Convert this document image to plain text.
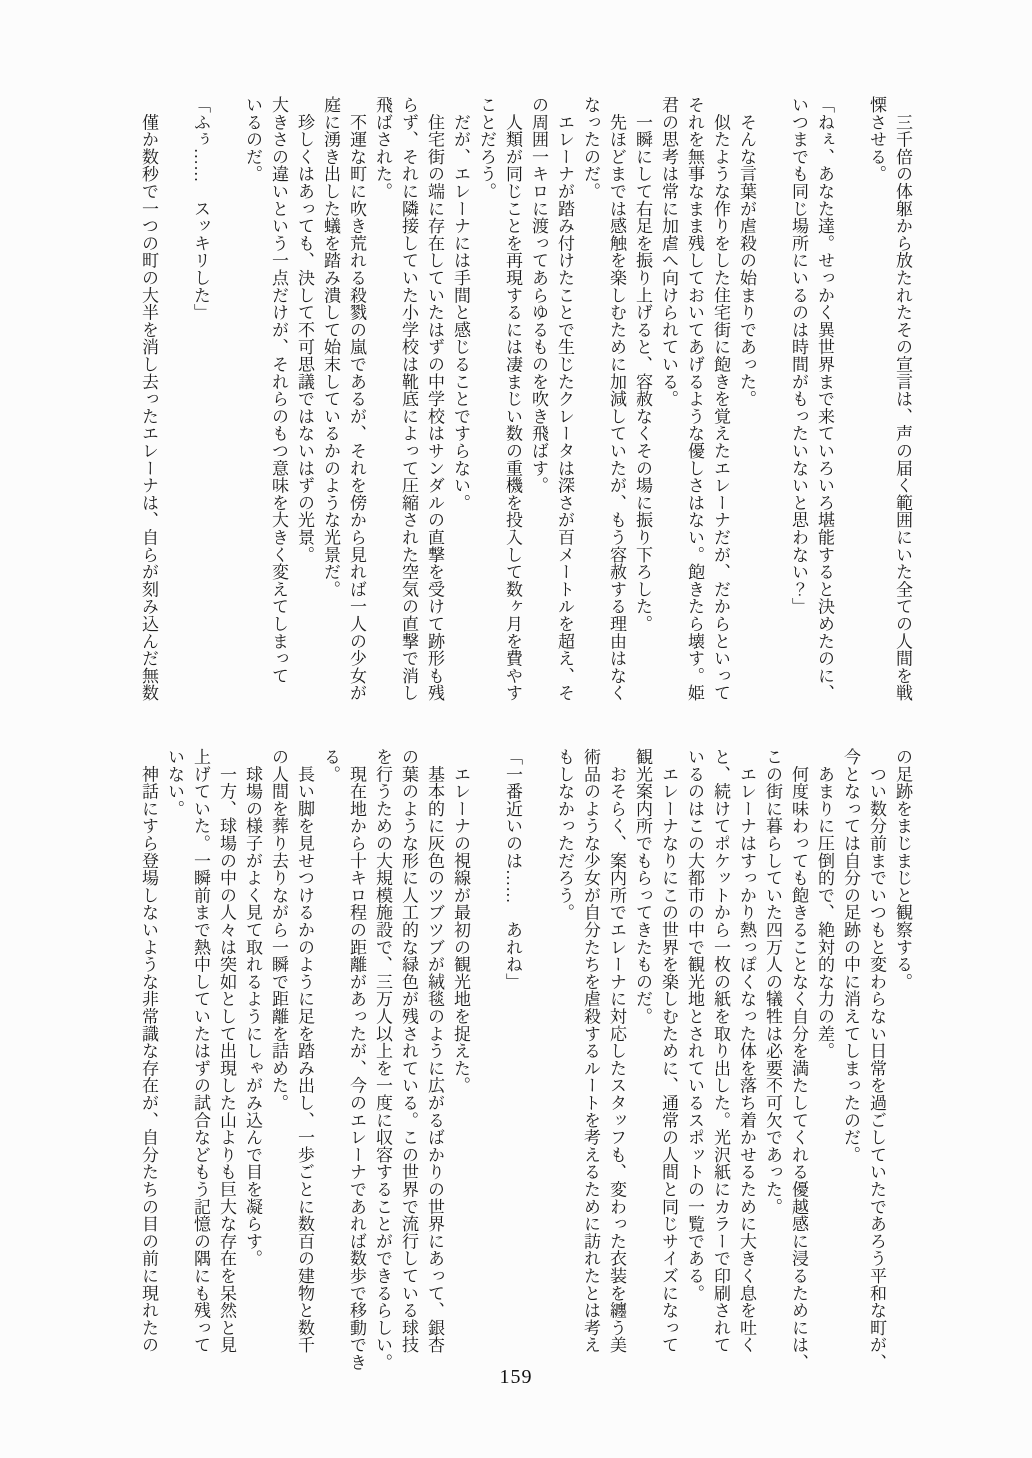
　三千倍の体躯から放たれたその宣言は、声の届く範囲にいた全ての人間を戦

慄させる。

「ねぇ、あなた達。せっかく異世界まで来ていろいろ堪能すると決めたのに、

いつまでも同じ場所にいるのは時間がもったいないと思わない？」

　そんな言葉が虐殺の始まりであった。

　似たような作りをした住宅街に飽きを覚えたエレーナだが、だからといって

それを無事なまま残しておいてあげるような優しさはない。飽きたら壊す。姫

君の思考は常に加虐へ向けられている。

　一瞬にして右足を振り上げると、容赦なくその場に振り下ろした。

　先ほどまでは感触を楽しむために加減していたが、もう容赦する理由はなく

なったのだ。

　エレーナが踏み付けたことで生じたクレータは深さが百メートルを超え、そ

の周囲一キロに渡ってあらゆるものを吹き飛ばす。

　人類が同じことを再現するには凄まじい数の重機を投入して数ヶ月を費やす

ことだろう。

　だが、エレーナには手間と感じることですらない。

　住宅街の端に存在していたはずの中学校はサンダルの直撃を受けて跡形も残

らず、それに隣接していた小学校は靴底によって圧縮された空気の直撃で消し

飛ばされた。

　不運な町に吹き荒れる殺戮の嵐であるが、それを傍から見れば一人の少女が

庭に湧き出した蟻を踏み潰して始末しているかのような光景だ。

　珍しくはあっても、決して不可思議ではないはずの光景。

大きさの違いという一点だけが、それらのもつ意味を大きく変えてしまって

いるのだ。

「ふぅ……　スッキリした」

　僅か数秒で一つの町の大半を消し去ったエレーナは、自らが刻み込んだ無数

の足跡をまじまじと観察する。

　つい数分前までいつもと変わらない日常を過ごしていたであろう平和な町が、

今となっては自分の足跡の中に消えてしまったのだ。

　あまりに圧倒的で、絶対的な力の差。

　何度味わっても飽きることなく自分を満たしてくれる優越感に浸るためには、

この街に暮らしていた四万人の犠牲は必要不可欠であった。

　エレーナはすっかり熱っぽくなった体を落ち着かせるために大きく息を吐く

と、続けてポケットから一枚の紙を取り出した。光沢紙にカラーで印刷されて

いるのはこの大都市の中で観光地とされているスポットの一覧である。

　エレーナなりにこの世界を楽しむために、通常の人間と同じサイズになって

観光案内所でもらってきたものだ。

　おそらく、案内所でエレーナに対応したスタッフも、変わった衣装を纏う美

術品のような少女が自分たちを虐殺するルートを考えるために訪れたとは考え

もしなかっただろう。

「一番近いのは……　あれね」

　エレーナの視線が最初の観光地を捉えた。

　基本的に灰色のツブツブが絨毯のように広がるばかりの世界にあって、銀杏

の葉のような形に人工的な緑色が残されている。この世界で流行している球技

を行うための大規模施設で、三万人以上を一度に収容することができるらしい。

　現在地から十キロ程の距離があったが、今のエレーナであれば数歩で移動でき

る。

　長い脚を見せつけるかのように足を踏み出し、一歩ごとに数百の建物と数千

の人間を葬り去りながら一瞬で距離を詰めた。

　球場の様子がよく見て取れるようにしゃがみ込んで目を凝らす。

　一方、球場の中の人々は突如として出現した山よりも巨大な存在を呆然と見

上げていた。一瞬前まで熱中していたはずの試合などもう記憶の隅にも残って

いない。

　神話にすら登場しないような非常識な存在が、自分たちの目の前に現れたの

159
